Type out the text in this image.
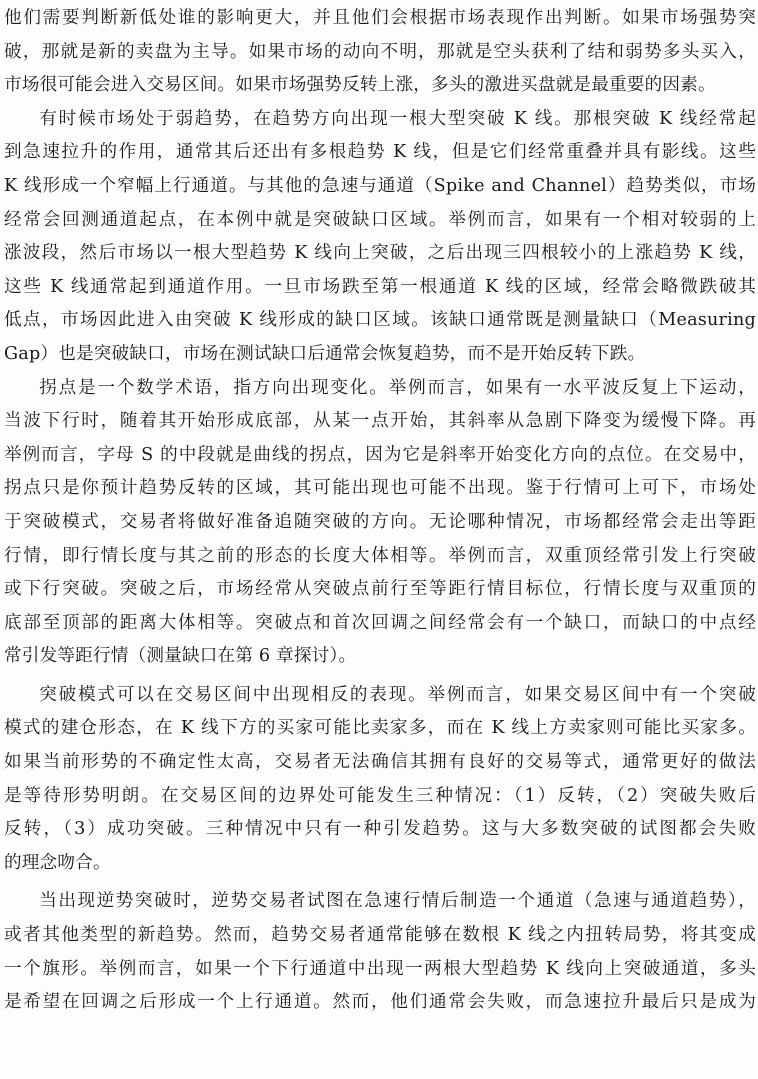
他们需要判断新低处谁的影响更大，并且他们会根据市场表现作出判断。如果市场强势突
破，那就是新的卖盘为主导。如果市场的动向不明，那就是空头获利了结和弱势多头买入，
市场很可能会进入交易区间。如果市场强势反转上涨，多头的激进买盘就是最重要的因素。
有时候市场处于弱趋势，在趋势方向出现一根大型突破 K 线。那根突破 K 线经常起
到急速拉升的作用，通常其后还出有多根趋势 K 线，但是它们经常重叠并具有影线。这些
K 线形成一个窄幅上行通道。与其他的急速与通道（Spike and Channel）趋势类似，市场
经常会回测通道起点，在本例中就是突破缺口区域。举例而言，如果有一个相对较弱的上
涨波段，然后市场以一根大型趋势 K 线向上突破，之后出现三四根较小的上涨趋势 K 线，
这些 K 线通常起到通道作用。一旦市场跌至第一根通道 K 线的区域，经常会略微跌破其
低点，市场因此进入由突破 K 线形成的缺口区域。该缺口通常既是测量缺口（Measuring
Gap）也是突破缺口，市场在测试缺口后通常会恢复趋势，而不是开始反转下跌。
拐点是一个数学术语，指方向出现变化。举例而言，如果有一水平波反复上下运动，
当波下行时，随着其开始形成底部，从某一点开始，其斜率从急剧下降变为缓慢下降。再
举例而言，字母 S 的中段就是曲线的拐点，因为它是斜率开始变化方向的点位。在交易中，
拐点只是你预计趋势反转的区域，其可能出现也可能不出现。鉴于行情可上可下，市场处
于突破模式，交易者将做好准备追随突破的方向。无论哪种情况，市场都经常会走出等距
行情，即行情长度与其之前的形态的长度大体相等。举例而言，双重顶经常引发上行突破
或下行突破。突破之后，市场经常从突破点前行至等距行情目标位，行情长度与双重顶的
底部至顶部的距离大体相等。突破点和首次回调之间经常会有一个缺口，而缺口的中点经
常引发等距行情（测量缺口在第 6 章探讨）。
突破模式可以在交易区间中出现相反的表现。举例而言，如果交易区间中有一个突破
模式的建仓形态，在 K 线下方的买家可能比卖家多，而在 K 线上方卖家则可能比买家多。
如果当前形势的不确定性太高，交易者无法确信其拥有良好的交易等式，通常更好的做法
是等待形势明朗。在交易区间的边界处可能发生三种情况：（1）反转，（2）突破失败后
反转，（3）成功突破。三种情况中只有一种引发趋势。这与大多数突破的试图都会失败
的理念吻合。
当出现逆势突破时，逆势交易者试图在急速行情后制造一个通道（急速与通道趋势），
或者其他类型的新趋势。然而，趋势交易者通常能够在数根 K 线之内扭转局势，将其变成
一个旗形。举例而言，如果一个下行通道中出现一两根大型趋势 K 线向上突破通道，多头
是希望在回调之后形成一个上行通道。然而，他们通常会失败，而急速拉升最后只是成为
